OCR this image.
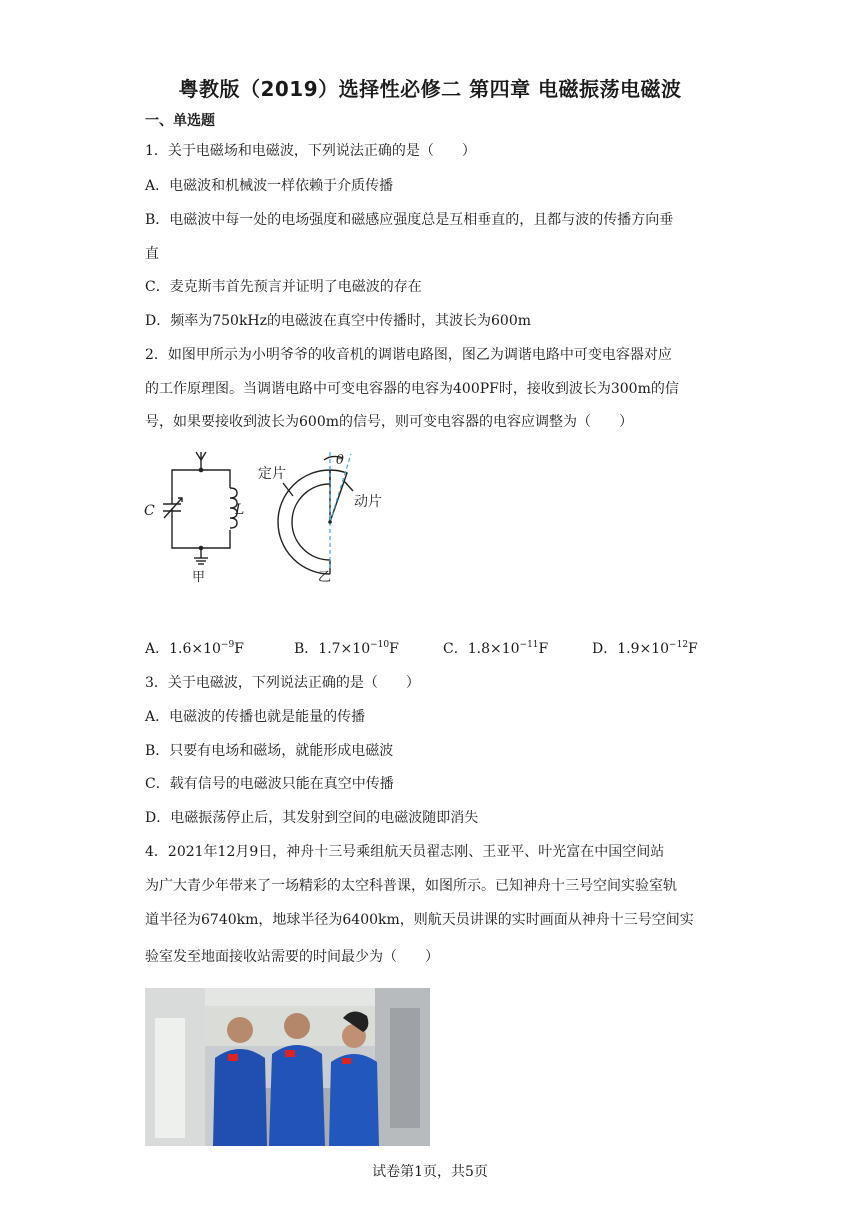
粤教版（2019）选择性必修二 第四章 电磁振荡电磁波
一、单选题
1．关于电磁场和电磁波，下列说法正确的是（　　）
A．电磁波和机械波一样依赖于介质传播
B．电磁波中每一处的电场强度和磁感应强度总是互相垂直的，且都与波的传播方向垂
直
C．麦克斯韦首先预言并证明了电磁波的存在
D．频率为750kHz的电磁波在真空中传播时，其波长为600m
2．如图甲所示为小明爷爷的收音机的调谐电路图，图乙为调谐电路中可变电容器对应
的工作原理图。当调谐电路中可变电容器的电容为400PF时，接收到波长为300m的信
号，如果要接收到波长为600m的信号，则可变电容器的电容应调整为（　　）
C	L
甲
θ
定片
动片
乙
A．$1.6\times 10^{-9}F$	B．$1.7\times 10^{-10}F$	C．$1.8\times 10^{-11}F$	D．$1.9\times 10^{-12}F$
3．关于电磁波，下列说法正确的是（　　）
A．电磁波的传播也就是能量的传播
B．只要有电场和磁场，就能形成电磁波
C．载有信号的电磁波只能在真空中传播
D．电磁振荡停止后，其发射到空间的电磁波随即消失
4．2021年12月9日，神舟十三号乘组航天员翟志刚、王亚平、叶光富在中国空间站
为广大青少年带来了一场精彩的太空科普课，如图所示。已知神舟十三号空间实验室轨
道半径为6740km，地球半径为6400km，则航天员讲课的实时画面从神舟十三号空间实
验室发至地面接收站需要的时间最少为（　　）
试卷第1页，共5页
